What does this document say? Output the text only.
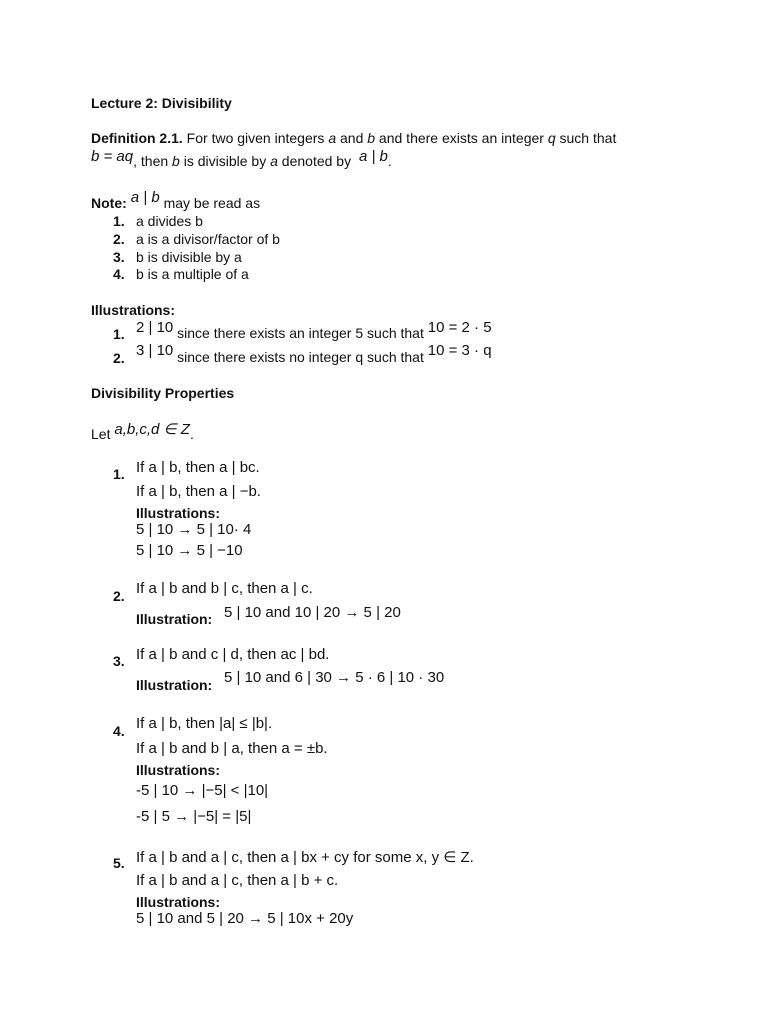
Lecture 2: Divisibility
Definition 2.1. For two given integers a and b and there exists an integer q such that
b = aq, then b is divisible by a denoted by a | b.
Note: a | b may be read as
1. a divides b
2. a is a divisor/factor of b
3. b is divisible by a
4. b is a multiple of a
Illustrations:
1. 2 | 10 since there exists an integer 5 such that 10 = 2 · 5
2. 3 | 10 since there exists no integer q such that 10 = 3 · q
Divisibility Properties
Let a,b,c,d ∈ Z.
1. If a | b, then a | bc.
If a | b, then a | −b.
Illustrations:
5 | 10 → 5 | 10· 4
5 | 10 → 5 | −10
2. If a | b and b | c, then a | c.
Illustration: 5 | 10 and 10 | 20 → 5 | 20
3. If a | b and c | d, then ac | bd.
Illustration: 5 | 10 and 6 | 30 → 5 · 6 | 10 · 30
4. If a | b, then |a| ≤ |b|.
If a | b and b | a, then a = ±b.
Illustrations:
-5 | 10 → |−5| < |10|
-5 | 5 → |−5| = |5|
5. If a | b and a | c, then a | bx + cy for some x, y ∈ Z.
If a | b and a | c, then a | b + c.
Illustrations:
5 | 10 and 5 | 20 → 5 | 10x + 20y
